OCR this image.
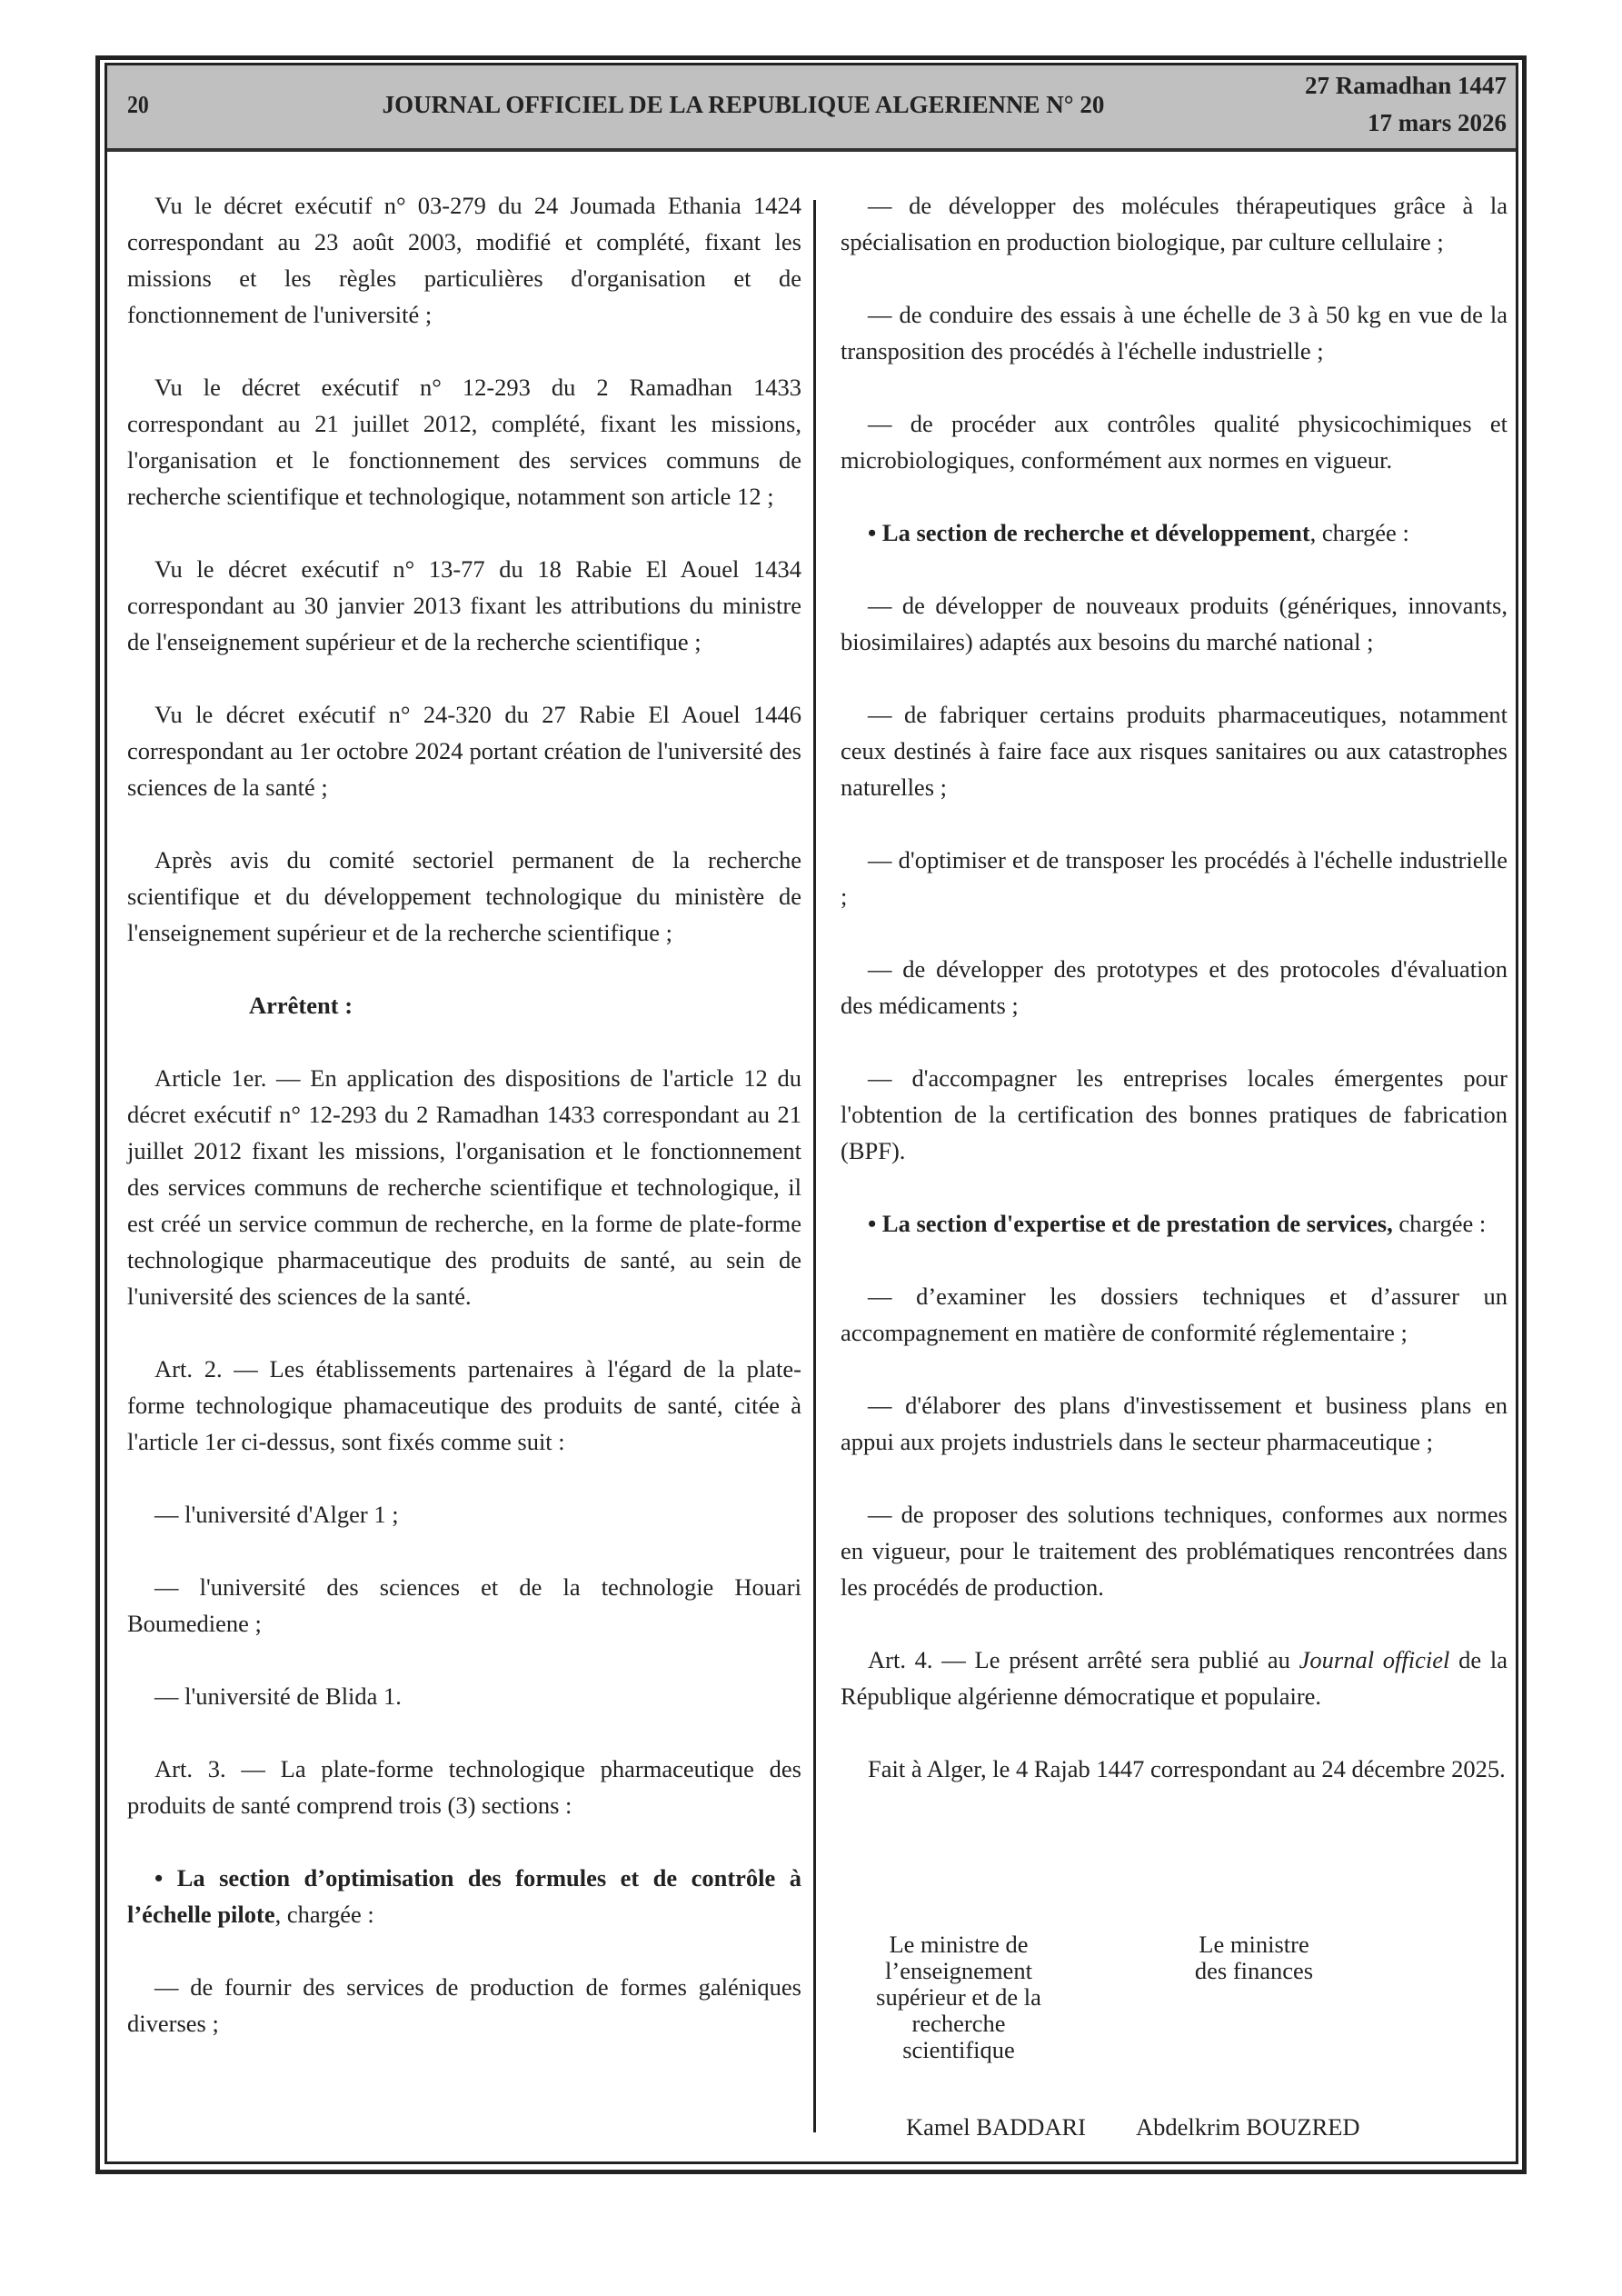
20	JOURNAL OFFICIEL DE LA REPUBLIQUE ALGERIENNE N° 20
27 Ramadhan 1447
17 mars 2026

Vu le décret exécutif n° 03-279 du 24 Joumada Ethania 1424 correspondant au 23 août 2003, modifié et complété, fixant les missions et les règles particulières d'organisation et de fonctionnement de l'université ;

Vu le décret exécutif n° 12-293 du 2 Ramadhan 1433 correspondant au 21 juillet 2012, complété, fixant les missions, l'organisation et le fonctionnement des services communs de recherche scientifique et technologique, notamment son article 12 ;

Vu le décret exécutif n° 13-77 du 18 Rabie El Aouel 1434 correspondant au 30 janvier 2013 fixant les attributions du ministre de l'enseignement supérieur et de la recherche scientifique ;

Vu le décret exécutif n° 24-320 du 27 Rabie El Aouel 1446 correspondant au 1er octobre 2024 portant création de l'université des sciences de la santé ;

Après avis du comité sectoriel permanent de la recherche scientifique et du développement technologique du ministère de l'enseignement supérieur et de la recherche scientifique ;

Arrêtent :

Article 1er. — En application des dispositions de l'article 12 du décret exécutif n° 12-293 du 2 Ramadhan 1433 correspondant au 21 juillet 2012 fixant les missions, l'organisation et le fonctionnement des services communs de recherche scientifique et technologique, il est créé un service commun de recherche, en la forme de plate-forme technologique pharmaceutique des produits de santé, au sein de l'université des sciences de la santé.

Art. 2. — Les établissements partenaires à l'égard de la plate-forme technologique phamaceutique des produits de santé, citée à l'article 1er ci-dessus, sont fixés comme suit :

— l'université d'Alger 1 ;

— l'université des sciences et de la technologie Houari Boumediene ;

— l'université de Blida 1.

Art. 3. — La plate-forme technologique pharmaceutique des produits de santé comprend trois (3) sections :

• La section d’optimisation des formules et de contrôle à l’échelle pilote, chargée :

— de fournir des services de production de formes galéniques diverses ;

— de développer des molécules thérapeutiques grâce à la spécialisation en production biologique, par culture cellulaire ;

— de conduire des essais à une échelle de 3 à 50 kg en vue de la transposition des procédés à l'échelle industrielle ;

— de procéder aux contrôles qualité physicochimiques et microbiologiques, conformément aux normes en vigueur.

• La section de recherche et développement, chargée :

— de développer de nouveaux produits (génériques, innovants, biosimilaires) adaptés aux besoins du marché national ;

— de fabriquer certains produits pharmaceutiques, notamment ceux destinés à faire face aux risques sanitaires ou aux catastrophes naturelles ;

— d'optimiser et de transposer les procédés à l'échelle industrielle ;

— de développer des prototypes et des protocoles d'évaluation des médicaments ;

— d'accompagner les entreprises locales émergentes pour l'obtention de la certification des bonnes pratiques de fabrication (BPF).

• La section d'expertise et de prestation de services, chargée :

— d’examiner les dossiers techniques et d’assurer un accompagnement en matière de conformité réglementaire ;

— d'élaborer des plans d'investissement et business plans en appui aux projets industriels dans le secteur pharmaceutique ;

— de proposer des solutions techniques, conformes aux normes en vigueur, pour le traitement des problématiques rencontrées dans les procédés de production.

Art. 4. — Le présent arrêté sera publié au Journal officiel de la République algérienne démocratique et populaire.

Fait à Alger, le 4 Rajab 1447 correspondant au 24 décembre 2025.

Le ministre de l’enseignement
supérieur et de la recherche
scientifique
Le ministre
des finances
Kamel BADDARI Abdelkrim BOUZRED
